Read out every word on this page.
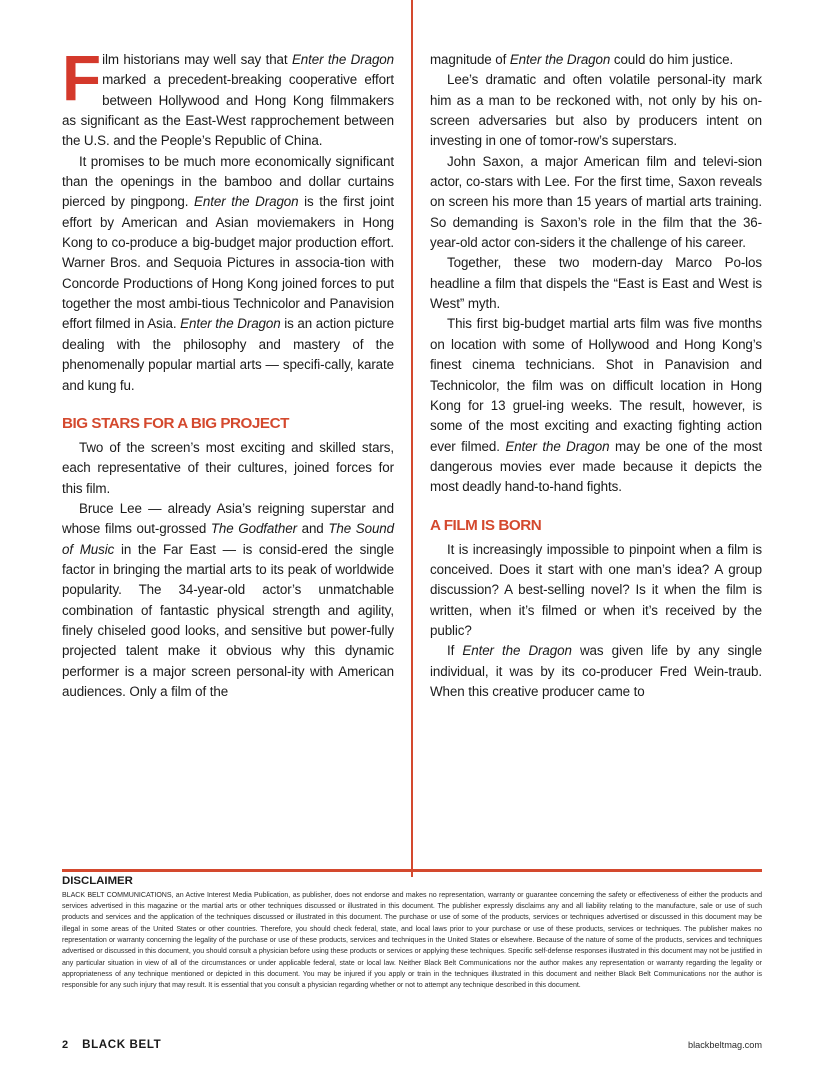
Film historians may well say that Enter the Dragon marked a precedent-breaking cooperative effort between Hollywood and Hong Kong filmmakers as significant as the East-West rapprochement between the U.S. and the People’s Republic of China.

It promises to be much more economically significant than the openings in the bamboo and dollar curtains pierced by pingpong. Enter the Dragon is the first joint effort by American and Asian moviemakers in Hong Kong to co-produce a big-budget major production effort. Warner Bros. and Sequoia Pictures in associa-tion with Concorde Productions of Hong Kong joined forces to put together the most ambi-tious Technicolor and Panavision effort filmed in Asia. Enter the Dragon is an action picture dealing with the philosophy and mastery of the phenomenally popular martial arts — specifi-cally, karate and kung fu.

BIG STARS FOR A BIG PROJECT

Two of the screen’s most exciting and skilled stars, each representative of their cultures, joined forces for this film.

Bruce Lee — already Asia’s reigning superstar and whose films out-grossed The Godfather and The Sound of Music in the Far East — is consid-ered the single factor in bringing the martial arts to its peak of worldwide popularity. The 34-year-old actor’s unmatchable combination of fantastic physical strength and agility, finely chiseled good looks, and sensitive but power-fully projected talent make it obvious why this dynamic performer is a major screen personal-ity with American audiences. Only a film of the

magnitude of Enter the Dragon could do him justice.

Lee’s dramatic and often volatile personal-ity mark him as a man to be reckoned with, not only by his on-screen adversaries but also by producers intent on investing in one of tomor-row’s superstars.

John Saxon, a major American film and televi-sion actor, co-stars with Lee. For the first time, Saxon reveals on screen his more than 15 years of martial arts training. So demanding is Saxon’s role in the film that the 36-year-old actor con-siders it the challenge of his career.

Together, these two modern-day Marco Po-los headline a film that dispels the “East is East and West is West” myth.

This first big-budget martial arts film was five months on location with some of Hollywood and Hong Kong’s finest cinema technicians. Shot in Panavision and Technicolor, the film was on difficult location in Hong Kong for 13 gruel-ing weeks. The result, however, is some of the most exciting and exacting fighting action ever filmed. Enter the Dragon may be one of the most dangerous movies ever made because it depicts the most deadly hand-to-hand fights.

A FILM IS BORN

It is increasingly impossible to pinpoint when a film is conceived. Does it start with one man’s idea? A group discussion? A best-selling novel? Is it when the film is written, when it’s filmed or when it’s received by the public?

If Enter the Dragon was given life by any single individual, it was by its co-producer Fred Wein-traub. When this creative producer came to

DISCLAIMER

BLACK BELT COMMUNICATIONS, an Active Interest Media Publication, as publisher, does not endorse and makes no representation, warranty or guarantee concerning the safety or effectiveness of either the products and services advertised in this magazine or the martial arts or other techniques discussed or illustrated in this document. The publisher expressly disclaims any and all liability relating to the manufacture, sale or use of such products and services and the application of the techniques discussed or illustrated in this document. The purchase or use of some of the products, services or techniques advertised or discussed in this document may be illegal in some areas of the United States or other countries. Therefore, you should check federal, state, and local laws prior to your purchase or use of these products, services or techniques. The publisher makes no representation or warranty concerning the legality of the purchase or use of these products, services and techniques in the United States or elsewhere. Because of the nature of some of the products, services and techniques advertised or discussed in this document, you should consult a physician before using these products or services or applying these techniques. Specific self-defense responses illustrated in this document may not be justified in any particular situation in view of all of the circumstances or under applicable federal, state or local law. Neither Black Belt Communications nor the author makes any representation or warranty regarding the legality or appropriateness of any technique mentioned or depicted in this document. You may be injured if you apply or train in the techniques illustrated in this document and neither Black Belt Communications nor the author is responsible for any such injury that may result. It is essential that you consult a physician regarding whether or not to attempt any technique described in this document.

2 BLACK BELT	blackbeltmag.com
